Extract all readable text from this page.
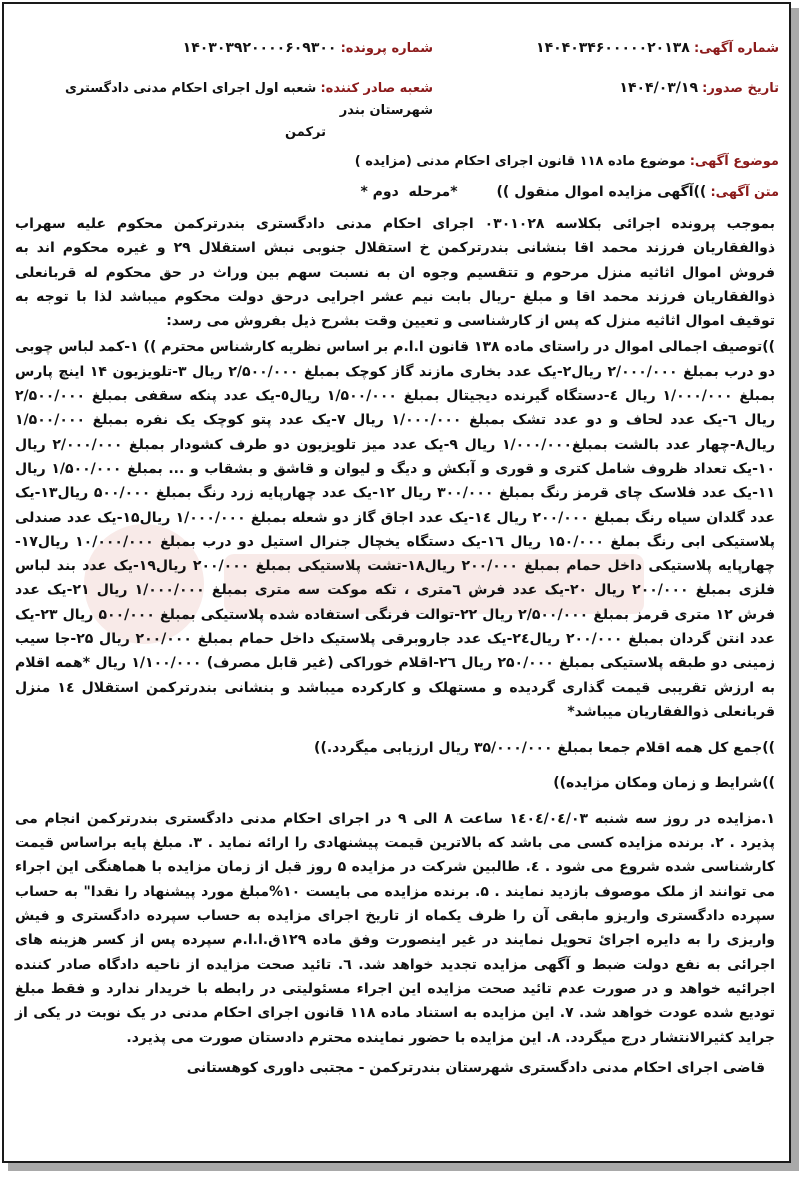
شماره آگهی: ۱۴۰۴۰۳۴۶۰۰۰۰۰۲۰۱۳۸
شماره پرونده: ۱۴۰۳۰۳۹۲۰۰۰۰۶۰۹۳۰۰
تاریخ صدور: ۱۴۰۴/۰۳/۱۹
شعبه صادر کننده: شعبه اول اجرای احکام مدنی دادگستری شهرستان بندر
ترکمن
موضوع آگهی: موضوع ماده ۱۱۸ قانون اجرای احکام مدنی (مزایده )
متن آگهی: ))آگهی مزایده اموال منقول ))        *مرحله  دوم *

بموجب پرونده اجرائی بکلاسه ۰۳۰۱۰۲۸ اجرای احکام مدنی دادگستری بندرترکمن محکوم علیه سهراب ذوالفقاریان فرزند محمد اقا بنشانی بندرترکمن خ استقلال جنوبی نبش استقلال ۲۹ و غیره محکوم اند به فروش اموال اثاثیه منزل مرحوم و تتقسیم وجوه ان به نسبت سهم بین وراث در حق محکوم له قربانعلی ذوالفقاریان فرزند محمد اقا و مبلغ -ریال بابت نیم عشر اجرایی درحق دولت محکوم میباشد لذا با توجه به توقیف اموال اثاثیه منزل که پس از کارشناسی و تعیین وقت بشرح ذیل بفروش می رسد:

))توصیف اجمالی اموال در راستای ماده ۱۳۸ قانون ا.ا.م بر اساس نظریه کارشناس محترم )) ۱-کمد لباس چوبی دو درب بمبلغ ۲/۰۰۰/۰۰۰ ریال۲-یک عدد بخاری مازند گاز کوچک بمبلغ ۲/۵۰۰/۰۰۰ ریال ۳-تلویزیون ۱۴ اینچ پارس بمبلغ ۱/۰۰۰/۰۰۰ ریال ٤-دستگاه گیرنده دیجیتال بمبلغ ۱/۵۰۰/۰۰۰ ریال٥-یک عدد پنکه سقفی بمبلغ ۲/۵۰۰/۰۰۰ ریال ٦-یک عدد لحاف و دو عدد تشک بمبلغ ۱/۰۰۰/۰۰۰ ریال ۷-یک عدد پتو کوچک یک نفره بمبلغ ۱/۵۰۰/۰۰۰ ریال۸-چهار عدد بالشت بمبلغ۱/۰۰۰/۰۰۰ ریال ۹-یک عدد میز تلویزیون دو طرف کشودار بمبلغ ۲/۰۰۰/۰۰۰ ریال ۱۰-یک تعداد ظروف شامل کتری و قوری و آبکش و دیگ و لیوان و قاشق و بشقاب و ... بمبلغ ۱/۵۰۰/۰۰۰ ریال ۱۱-یک عدد فلاسک چای قرمز رنگ بمبلغ ۳۰۰/۰۰۰ ریال ۱۲-یک عدد چهارپایه زرد رنگ بمبلغ ۵۰۰/۰۰۰ ریال۱۳-یک عدد گلدان سیاه رنگ بمبلغ ۲۰۰/۰۰۰ ریال ۱٤-یک عدد اجاق گاز دو شعله بمبلغ ۱/۰۰۰/۰۰۰ ریال۱۵-یک عدد صندلی پلاستیکی ابی رنگ بملغ ۱۵۰/۰۰۰ ریال ۱٦-یک دستگاه یخچال جنرال استیل دو درب بمبلغ ۱۰/۰۰۰/۰۰۰ ریال۱۷- چهارپایه پلاستیکی داخل حمام بمبلغ ۲۰۰/۰۰۰ ریال۱۸-تشت پلاستیکی بمبلغ ۲۰۰/۰۰۰ ریال۱۹-یک عدد بند لباس فلزی بمبلغ ۲۰۰/۰۰۰ ریال ۲۰-یک عدد فرش ٦متری ، تکه موکت سه متری بمبلغ ۱/۰۰۰/۰۰۰ ریال ۲۱-یک عدد فرش ۱۲ متری قرمز بمبلغ ۲/۵۰۰/۰۰۰ ریال ۲۲-توالت فرنگی استفاده شده پلاستیکی بمبلغ ۵۰۰/۰۰۰ ریال ۲۳-یک عدد انتن گردان بمبلغ ۲۰۰/۰۰۰ ریال۲٤-یک عدد جاروبرقی پلاستیک داخل حمام بمبلغ ۲۰۰/۰۰۰ ریال ۲۵-جا سیب زمینی دو طبقه پلاستیکی بمبلغ ۲۵۰/۰۰۰ ریال ۲٦-اقلام خوراکی (غیر قابل مصرف) ۱/۱۰۰/۰۰۰ ریال *همه اقلام به ارزش تقریبی قیمت گذاری گردیده و مستهلک و کارکرده میباشد و بنشانی بندرترکمن استقلال ۱٤ منزل قربانعلی ذوالفقاریان میباشد*

))جمع کل همه اقلام جمعا بمبلغ ۳۵/۰۰۰/۰۰۰ ریال ارزیابی میگردد.))

))شرایط و زمان ومکان مزایده))

۱.مزایده در روز سه شنبه ۱٤۰٤/۰٤/۰۳ ساعت ۸ الی ۹ در اجرای احکام مدنی دادگستری بندرترکمن انجام می پذیرد . ۲. برنده مزایده کسی می باشد که بالاترین قیمت پیشنهادی را ارائه نماید . ۳. مبلغ پایه براساس قیمت کارشناسی شده شروع می شود . ٤. طالبین شرکت در مزایده ۵ روز قبل از زمان مزایده با هماهنگی این اجراء می توانند از ملک موصوف بازدید نمایند . ۵. برنده مزایده می بایست ۱۰%مبلغ مورد پیشنهاد را نقدا" به حساب سپرده دادگستری واریزو مابقی آن را ظرف یکماه از تاریخ اجرای مزایده به حساب سپرده دادگستری و فیش واریزی را به دایره اجرائ تحویل نمایند در غیر اینصورت وفق ماده ۱۲۹ق.ا.ا.م سپرده پس از کسر هزینه های اجرائی به نفع دولت ضبط و آگهی مزایده تجدید خواهد شد. ٦. تائید صحت مزایده از ناحیه دادگاه صادر کننده اجرائیه خواهد و در صورت عدم تائید صحت مزایده این اجراء مسئولیتی در رابطه با خریدار ندارد و فقط مبلغ تودیع شده عودت خواهد شد. ۷. این مزایده به استناد ماده ۱۱۸ قانون اجرای احکام مدنی در یک نوبت در یکی از جراید کثیرالانتشار درج میگردد. ۸. این مزایده با حضور نماینده محترم دادستان صورت می پذیرد.

قاضی اجرای احکام مدنی دادگستری شهرستان بندرترکمن - مجتبی داوری کوهستانی
